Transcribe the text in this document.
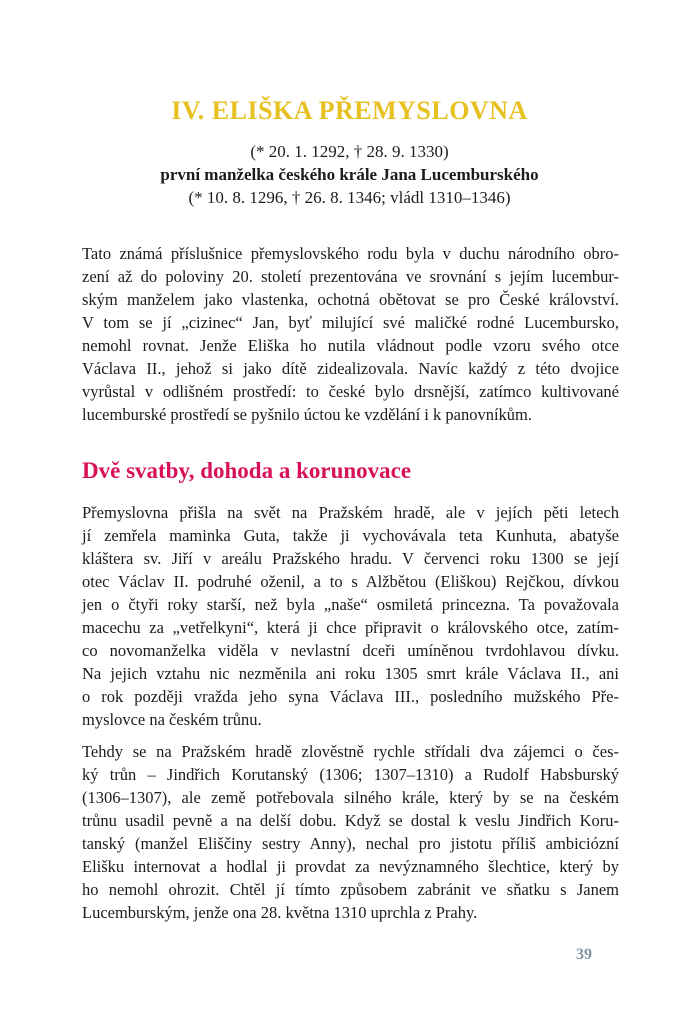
IV. ELIŠKA PŘEMYSLOVNA
(* 20. 1. 1292, † 28. 9. 1330)
první manželka českého krále Jana Lucemburského
(* 10. 8. 1296, † 26. 8. 1346; vládl 1310–1346)
Tato známá příslušnice přemyslovského rodu byla v duchu národního obro-
zení až do poloviny 20. století prezentována ve srovnání s jejím lucembur-
ským manželem jako vlastenka, ochotná obětovat se pro České království.
V tom se jí „cizinec“ Jan, byť milující své maličké rodné Lucembursko,
nemohl rovnat. Jenže Eliška ho nutila vládnout podle vzoru svého otce
Václava II., jehož si jako dítě zidealizovala. Navíc každý z této dvojice
vyrůstal v odlišném prostředí: to české bylo drsnější, zatímco kultivované
lucemburské prostředí se pyšnilo úctou ke vzdělání i k panovníkům.
Dvě svatby, dohoda a korunovace
Přemyslovna přišla na svět na Pražském hradě, ale v jejích pěti letech
jí zemřela maminka Guta, takže ji vychovávala teta Kunhuta, abatyše
kláštera sv. Jiří v areálu Pražského hradu. V červenci roku 1300 se její
otec Václav II. podruhé oženil, a to s Alžbětou (Eliškou) Rejčkou, dívkou
jen o čtyři roky starší, než byla „naše“ osmiletá princezna. Ta považovala
macechu za „vetřelkyni“, která ji chce připravit o královského otce, zatím-
co novomanželka viděla v nevlastní dceři umíněnou tvrdohlavou dívku.
Na jejich vztahu nic nezměnila ani roku 1305 smrt krále Václava II., ani
o rok později vražda jeho syna Václava III., posledního mužského Pře-
myslovce na českém trůnu.
Tehdy se na Pražském hradě zlověstně rychle střídali dva zájemci o čes-
ký trůn – Jindřich Korutanský (1306; 1307–1310) a Rudolf Habsburský
(1306–1307), ale země potřebovala silného krále, který by se na českém
trůnu usadil pevně a na delší dobu. Když se dostal k veslu Jindřich Koru-
tanský (manžel Eliščiny sestry Anny), nechal pro jistotu příliš ambiciózní
Elišku internovat a hodlal ji provdat za nevýznamného šlechtice, který by
ho nemohl ohrozit. Chtěl jí tímto způsobem zabránit ve sňatku s Janem
Lucemburským, jenže ona 28. května 1310 uprchla z Prahy.
39
